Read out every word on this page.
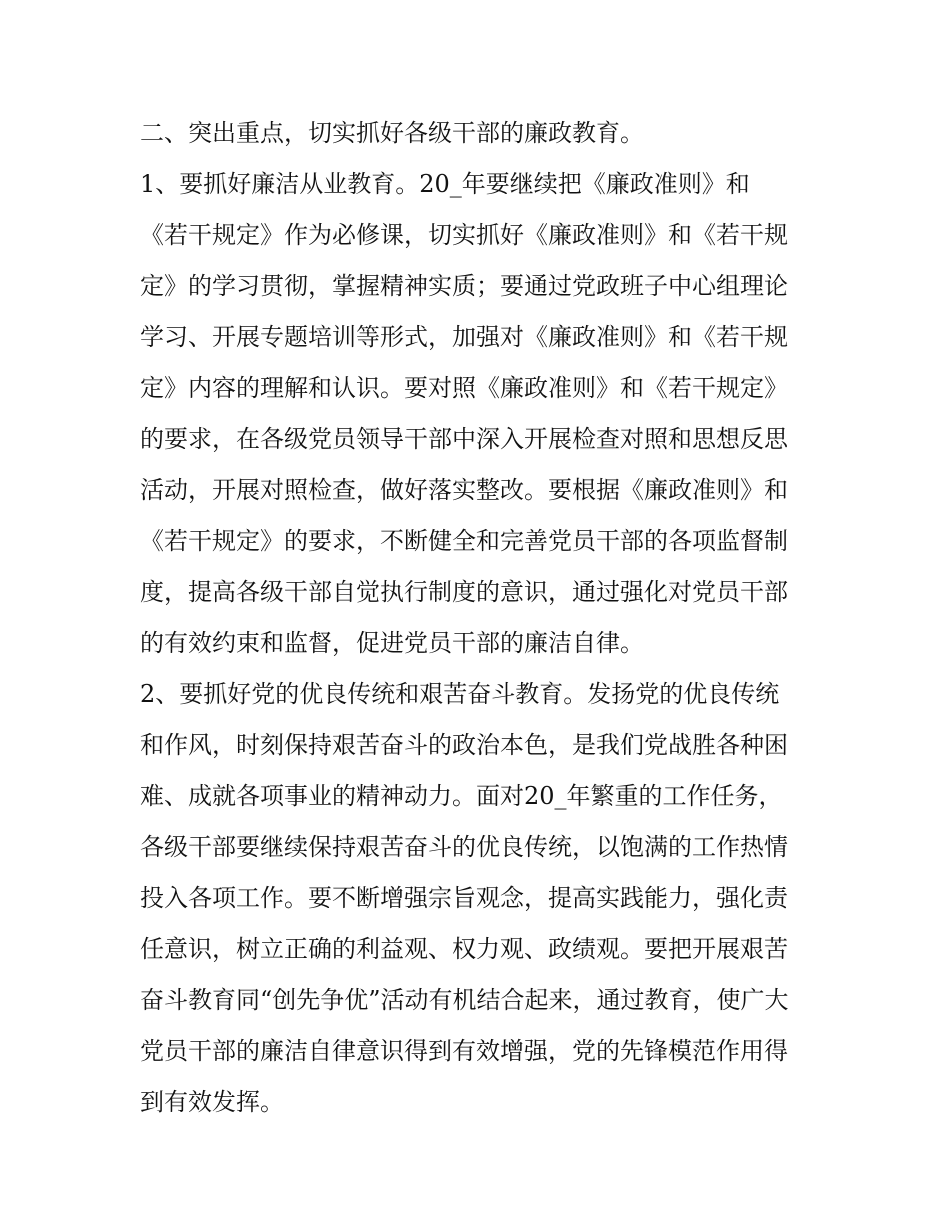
二、突出重点，切实抓好各级干部的廉政教育。
1、要抓好廉洁从业教育。20_年要继续把《廉政准则》和
《若干规定》作为必修课，切实抓好《廉政准则》和《若干规
定》的学习贯彻，掌握精神实质；要通过党政班子中心组理论
学习、开展专题培训等形式，加强对《廉政准则》和《若干规
定》内容的理解和认识。要对照《廉政准则》和《若干规定》
的要求，在各级党员领导干部中深入开展检查对照和思想反思
活动，开展对照检查，做好落实整改。要根据《廉政准则》和
《若干规定》的要求，不断健全和完善党员干部的各项监督制
度，提高各级干部自觉执行制度的意识，通过强化对党员干部
的有效约束和监督，促进党员干部的廉洁自律。
2、要抓好党的优良传统和艰苦奋斗教育。发扬党的优良传统
和作风，时刻保持艰苦奋斗的政治本色，是我们党战胜各种困
难、成就各项事业的精神动力。面对20_年繁重的工作任务，
各级干部要继续保持艰苦奋斗的优良传统，以饱满的工作热情
投入各项工作。要不断增强宗旨观念，提高实践能力，强化责
任意识，树立正确的利益观、权力观、政绩观。要把开展艰苦
奋斗教育同“创先争优”活动有机结合起来，通过教育，使广大
党员干部的廉洁自律意识得到有效增强，党的先锋模范作用得
到有效发挥。
